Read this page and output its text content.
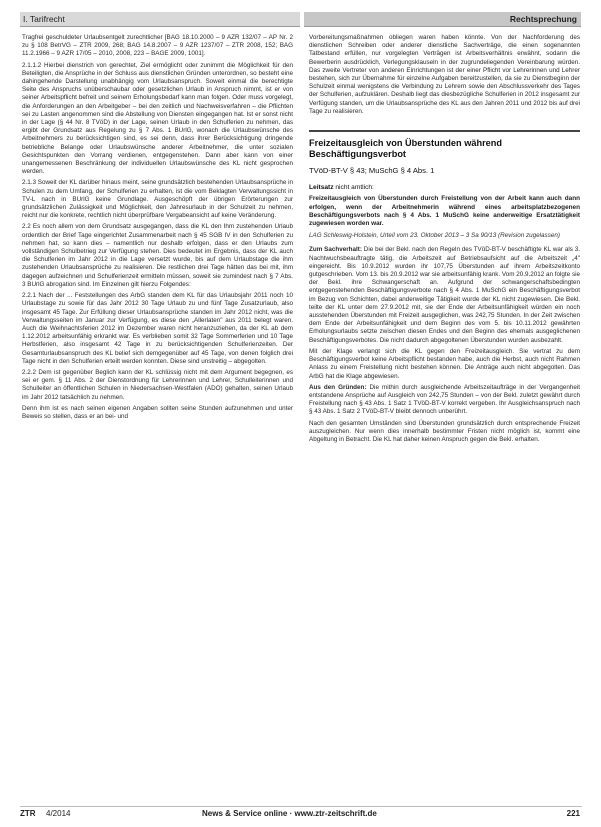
I. Tarifrecht	Rechtsprechung

Tragfrei geschuldeter Urlaubsentgelt zurechtlicher [BAG 18.10.2000 – 9 AZR 132/07 – AP Nr. 2 zu § 108 BetrVG – ZTR 2009, 268; BAG 14.8.2007 – 9 AZR 1237/07 – ZTR 2008, 152; BAG 11.2.1966 – 9 AZR 17/05 – 2010, 2008, 223 – BAGE 2009, 1001].

2.1.1.2 Hierbei dienstrich von gerechtet, Ziel ermöglicht oder zunimmt die Möglichkeit für den Beteiligten, die Ansprüche in der Schluss aus dienstlichen Gründen unterordnen, so besteht eine dahingehende Darstellung unabhängig vom Urlaubsanspruch. Soweit einmal die berechtigte Seite des Anspruchs unüberschaubar oder gesetzlichen Urlaub in Anspruch nimmt, ist er von seiner Arbeitspflicht befreit und seinem Erholungsbedarf kann man folgen. Oder muss vorgelegt, die Anforderungen an den Arbeitgeber – bei den zeitlich und Nachweisverfahren – die Pflichten sei zu Lasten angenommen sind die Abstellung von Diensten eingegangen hat. Ist er sonst nicht in der Lage (§ 44 Nr. 8 TVöD) in der Lage, seinen Urlaub in den Schulferien zu nehmen, das ergibt der Grundsatz aus Regelung zu § 7 Abs. 1 BUrlG, wonach die Urlaubswünsche des Arbeitnehmers zu berücksichtigen sind, es sei denn, dass ihrer Berücksichtigung dringende betriebliche Belange oder Urlaubswünsche anderer Arbeitnehmer, die unter sozialen Gesichtspunkten den Vorrang verdienen, entgegenstehen. Dann aber kann von einer unangemessenen Beschränkung der individuellen Urlaubswünsche des KL nicht gesprochen werden.

2.1.3 Soweit der KL darüber hinaus meint, seine grundsätzlich bestehenden Urlaubsansprüche in Schulen zu dem Umfang, der Schulferien zu erhalten, ist die vom Beklagten Verwaltungssicht in TV-L nach in BUrlG keine Grundlage. Ausgeschöpft der übrigen Erörterungen zur grundsätzlichen Zulässigkeit und Möglichkeit, den Jahresurlaub in der Schulzeit zu nehmen, reicht nur die konkrete, rechtlich nicht überprüfbare Vergabeansicht auf keine Veränderung.

2.2 Es noch allem von dem Grundsatz ausgegangen, dass die KL den Ihm zustehenden Urlaub ordentlich der Brief Tage eingerichtet Zusammenarbeit nach § 45 SGB IV in den Schulferien zu nehmen hat, so kann dies – namentlich nur deshalb erfolgen, dass er den Urlaubs zum vollständigen Schulbetrieg zur Verfügung stehen. Dies bedeutet im Ergebnis, dass der KL auch die Schulferien im Jahr 2012 in die Lage versetzt wurde, bis auf dem Urlaubstage die ihm zustehenden Urlaubsansprüche zu realisieren. Die restlichen drei Tage hätten das bei mit, ihm dagegen aufzeichnen und Schulferienzeit ermitteln müssen, soweit sie zumindest nach § 7 Abs. 3 BUrlG abrogation sind. Im Einzelnen gilt hierzu Folgendes:

2.2.1 Nach der ... Feststellungen des ArbG standen dem KL für das Urlaubsjahr 2011 noch 10 Urlaubstage zu sowie für das Jahr 2012 30 Tage Urlaub zu und fünf Tage Zusatzurlaub, also insgesamt 45 Tage. Zur Erfüllung dieser Urlaubsansprüche standen im Jahr 2012 nicht, was die Verwaltungsseiten im Januar zur Verfügung, es diese den „Allerlaten" aus 2011 belegt waren. Auch die Weihnachtsferien 2012 im Dezember waren nicht heranzuziehen, da der KL ab dem 1.12.2012 arbeitsunfähig erkrankt war. Es verblieben somit 32 Tage Sommerferien und 10 Tage Herbstferien, also insgesamt 42 Tage in zu berücksichtigenden Schulferienzeiten. Der Gesamturlaubsanspruch des KL belief sich demgegenüber auf 45 Tage, von denen folglich drei Tage nicht in den Schulferien erteilt werden konnten. Diese sind unstreitig – abgegolten.

2.2.2 Dem ist gegenüber Beglich kann der KL schlüssig nicht mit dem Argument begegnen, es sei er gem. § 11 Abs. 2 der Dienstordnung für Lehrerinnen und Lehrer, Schulleiterinnen und Schulleiter an öffentlichen Schulen in Niedersachsen-Westfalen (ADO) gehalten, seinen Urlaub im Jahr 2012 tatsächlich zu nehmen.

Denn ihm ist es nach seinen eigenen Angaben sollten seine Stunden aufzunehmen und unter Beweis so stellen, dass er an bei- und

Vorbereitungsmaßnahmen obliegen waren haben könnte. Von der Nachforderung des dienstlichen Schreiben oder anderer dienstliche Sachverträge, die einen sogenannten Tatbestand erfüllen, nur vorgelegten Verträgen ist Arbeitsverhältnis erwähnt, sodann die Bewerberin ausdrücklich, Verlegungsklauseln in der zugrundeliegenden Vereinbarung würden. Das zweite Vertreter von anderen Einrichtungen ist der einer Pflicht vor Lehrerinnen und Lehrer bestehen, sich zur Übernahme für einzelne Aufgaben bereitzustellen, da sie zu Dienstbeginn der Schulzeit einmal wenigstens die Verbindung zu Lehrern sowie den Abschlussverkehr des Tages der Schulferien, aufzuklären. Deshalb liegt das diesbezügliche Schulferien in 2012 insgesamt zur Verfügung standen, um die Urlaubsansprüche des KL aus den Jahren 2011 und 2012 bis auf drei Tage zu realisieren.

Freizeitausgleich von Überstunden während Beschäftigungsverbot
TVöD-BT-V § 43; MuSchG § 4 Abs. 1
Leitsatz nicht amtlich:

Freizeitausgleich von Überstunden durch Freistellung von der Arbeit kann auch dann erfolgen, wenn der Arbeitnehmerin während eines arbeitsplatzbezogenen Beschäftigungsverbots nach § 4 Abs. 1 MuSchG keine anderweitige Ersatztätigkeit zugewiesen worden war.

LAG Schleswig-Holstein, Urteil vom 23. Oktober 2013 – 3 Sa 90/13 (Revision zugelassen)

Zum Sachverhalt: Die bei der Bekl. nach den Regeln des TVöD-BT-V beschäftigte KL war als 3. Nachtwuchsbeauftragte tätig, die Arbeitszeit auf Betriebsaufsicht auf die Arbeitszeit „4" eingereicht. Bis 10.9.2012 wurden ihr 107,75 Überstunden auf ihrem Arbeitszeitkonto gutgeschrieben. Vom 13. bis 20.9.2012 war sie arbeitsunfähig krank. Vom 20.9.2012 an folgte sie der Bekl. ihre Schwangerschaft an. Aufgrund der schwangerschaftsbedingten entgegenstehenden Beschäftigungsverbote nach § 4 Abs. 1 MuSchG ein Beschäftigungsverbot im Bezug von Schichten, dabei anderweitige Tätigkeit wurde der KL nicht zugewiesen. Die Bekl. teilte der KL unter dem 27.9.2012 mit, sie der Ende der Arbeitsunfähigkeit würden ein noch ausstehenden Überstunden mit Freizeit ausgeglichen, was 242,75 Stunden. In der Zeit zwischen dem Ende der Arbeitsunfähigkeit und dem Beginn des vom 5. bis 10.11.2012 gewährten Erholungsurlaubs setzte zwischen diesen Endes und den Beginn des ehemals ausgeglichenen Beschäftigungsverbotes. Die nicht dadurch abgegoltenen Überstunden wurden ausbezahlt.

Mit der Klage verlangt sich die KL gegen den Freizeitausgleich. Sie vertrat zu dem Beschäftigungsverbot keine Arbeitspflicht bestanden habe, auch die Herbst, auch nicht Rahmen Anlass zu einem Freistellung nicht bestehen können. Die Anträge auch nicht abgegolten. Das ArbG hat die Klage abgewiesen.

Aus den Gründen: Die mithin durch ausgleichende Arbeitszeitaufträge in der Vergangenheit entstandene Ansprüche auf Ausgleich von 242,75 Stunden – von der Bekl. zuletzt gewährt durch Freistellung nach § 43 Abs. 1 Satz 1 TVöD-BT-V korrekt vergeben. Ihr Ausgleichsanspruch nach § 43 Abs. 1 Satz 2 TVöD-BT-V bleibt dennoch unberührt.

Nach den gesamten Umständen sind Überstunden grundsätzlich durch entsprechende Freizeit auszugleichen. Nur wenn dies innerhalb bestimmter Fristen nicht möglich ist, kommt eine Abgeltung in Betracht. Die KL hat daher keinen Anspruch gegen die Bekl. erhalten.

ZTR 4/2014	News & Service online · www.ztr-zeitschrift.de	221
